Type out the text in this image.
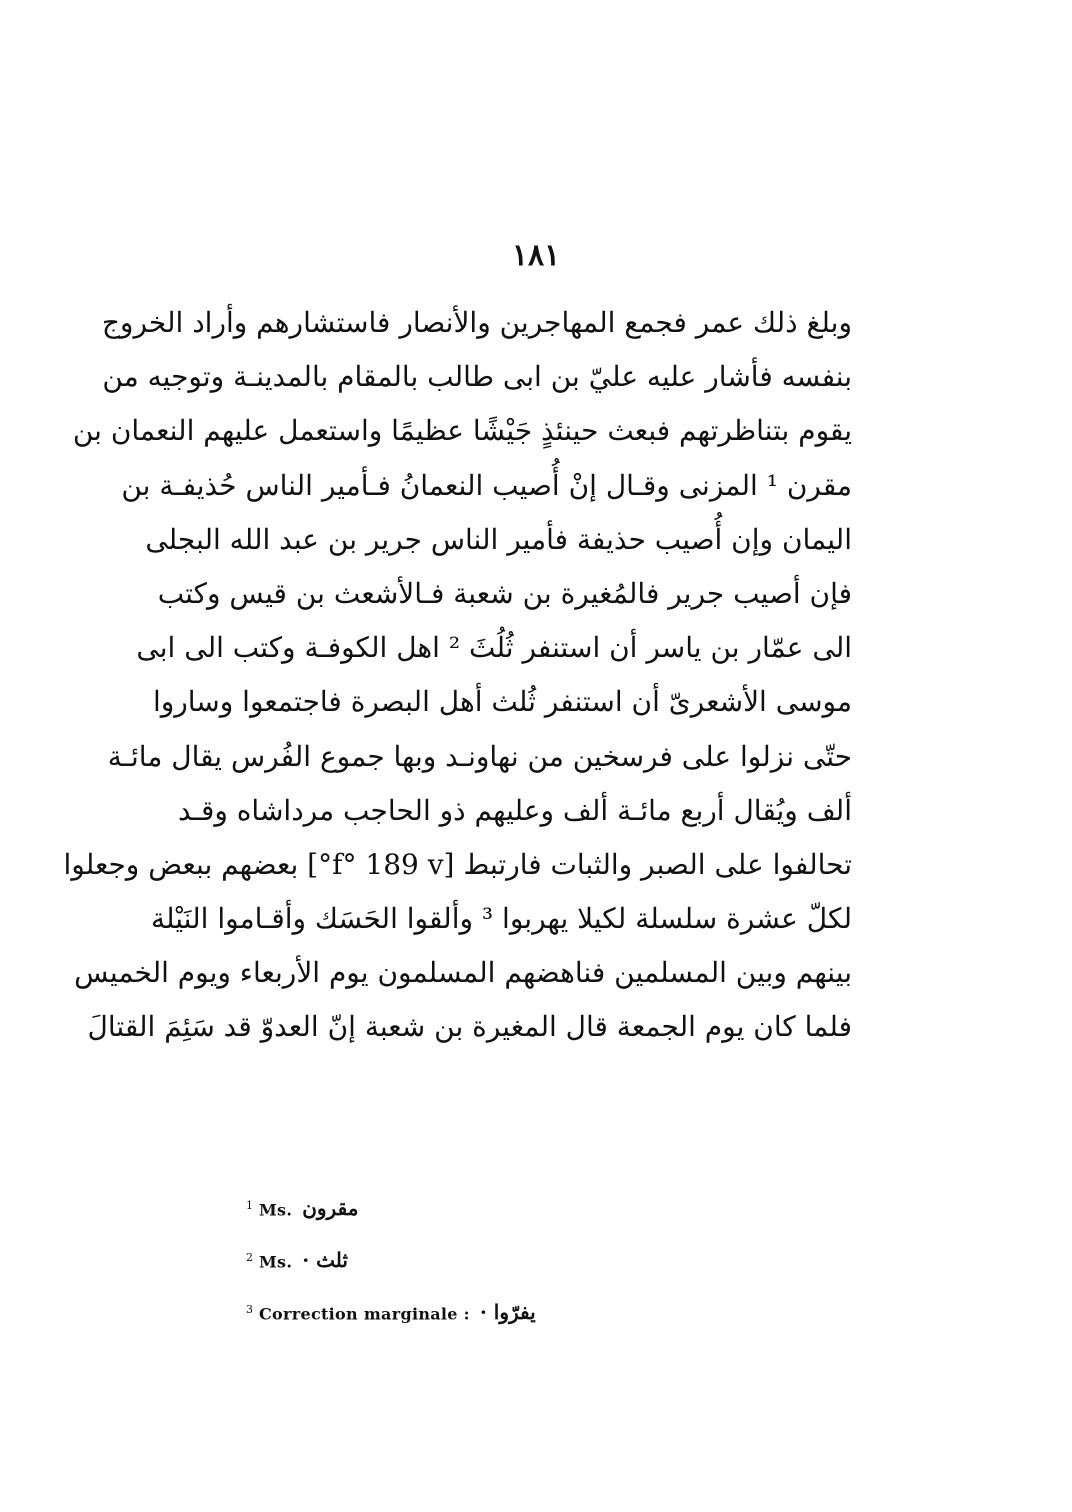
١٨١
وبلغ ذلك عمر فجمع المهاجرين والأنصار فاستشارهم وأراد الخروج
بنفسه فأشار عليه عليّ بن ابى طالب بالمقام بالمدينـة وتوجيه من
يقوم بتناظرتهم فبعث حينئذٍ جَيْشًا عظيمًا واستعمل عليهم النعمان بن
مقرن ¹ المزنى وقـال إنْ أُصيب النعمانُ فـأمير الناس حُذيفـة بن
اليمان وإن أُصيب حذيفة فأمير الناس جرير بن عبد الله البجلى
فإن أصيب جرير فالمُغيرة بن شعبة فـالأشعث بن قيس وكتب
الى عمّار بن ياسر أن استنفر ثُلُثَ ² اهل الكوفـة وكتب الى ابى
موسى الأشعرىّ أن استنفر ثُلث أهل البصرة فاجتمعوا وساروا
حتّى نزلوا على فرسخين من نهاونـد وبها جموع الفُرس يقال مائـة
ألف ويُقال أربع مائـة ألف وعليهم ذو الحاجب مرداشاه وقـد
تحالفوا على الصبر والثبات فارتبط [f° 189 v°] بعضهم ببعض وجعلوا
لكلّ عشرة سلسلة لكيلا يهربوا ³ وألقوا الحَسَك وأقـاموا النَيْلة
بينهم وبين المسلمين فناهضهم المسلمون يوم الأربعاء ويوم الخميس
فلما كان يوم الجمعة قال المغيرة بن شعبة إنّ العدوّ قد سَئِمَ القتالَ
$^1$ Ms. مقرون
$^2$ Ms. ثلث ·
$^3$ Correction marginale : يفرّوا ·
